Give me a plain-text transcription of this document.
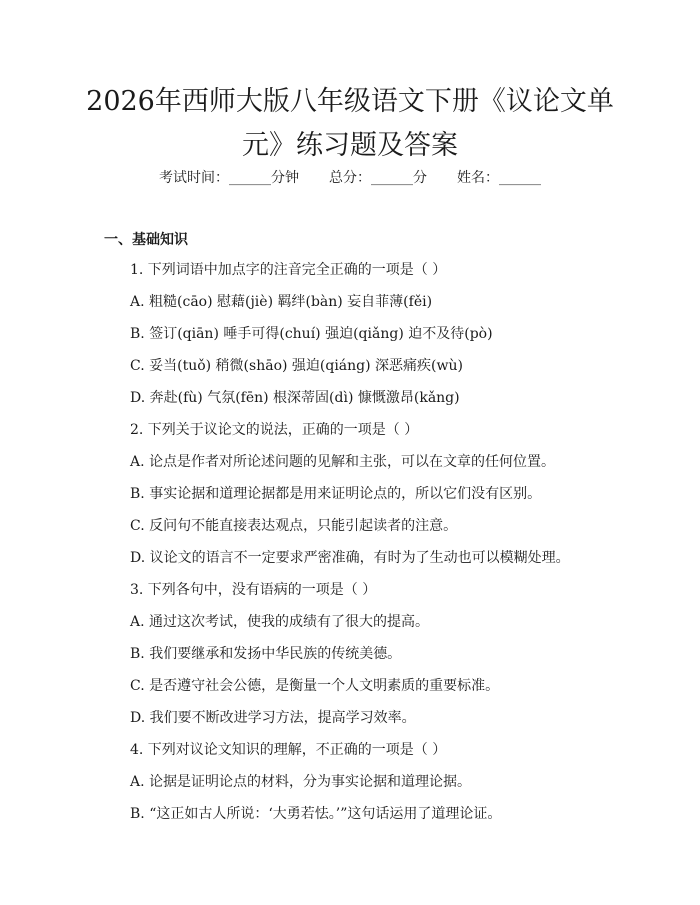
2026年西师大版八年级语文下册《议论文单元》练习题及答案
考试时间：______分钟 总分：______分 姓名：______
一、基础知识
1. 下列词语中加点字的注音完全正确的一项是（ ）
A. 粗糙(cāo) 慰藉(jiè) 羁绊(bàn) 妄自菲薄(fěi)
B. 签订(qiān) 唾手可得(chuí) 强迫(qiǎng) 迫不及待(pò)
C. 妥当(tuǒ) 稍微(shāo) 强迫(qiáng) 深恶痛疾(wù)
D. 奔赴(fù) 气氛(fēn) 根深蒂固(dì) 慷慨激昂(kǎng)
2. 下列关于议论文的说法，正确的一项是（ ）
A. 论点是作者对所论述问题的见解和主张，可以在文章的任何位置。
B. 事实论据和道理论据都是用来证明论点的，所以它们没有区别。
C. 反问句不能直接表达观点，只能引起读者的注意。
D. 议论文的语言不一定要求严密准确，有时为了生动也可以模糊处理。
3. 下列各句中，没有语病的一项是（ ）
A. 通过这次考试，使我的成绩有了很大的提高。
B. 我们要继承和发扬中华民族的传统美德。
C. 是否遵守社会公德，是衡量一个人文明素质的重要标准。
D. 我们要不断改进学习方法，提高学习效率。
4. 下列对议论文知识的理解，不正确的一项是（ ）
A. 论据是证明论点的材料，分为事实论据和道理论据。
B. “这正如古人所说：‘大勇若怯。’”这句话运用了道理论证。
